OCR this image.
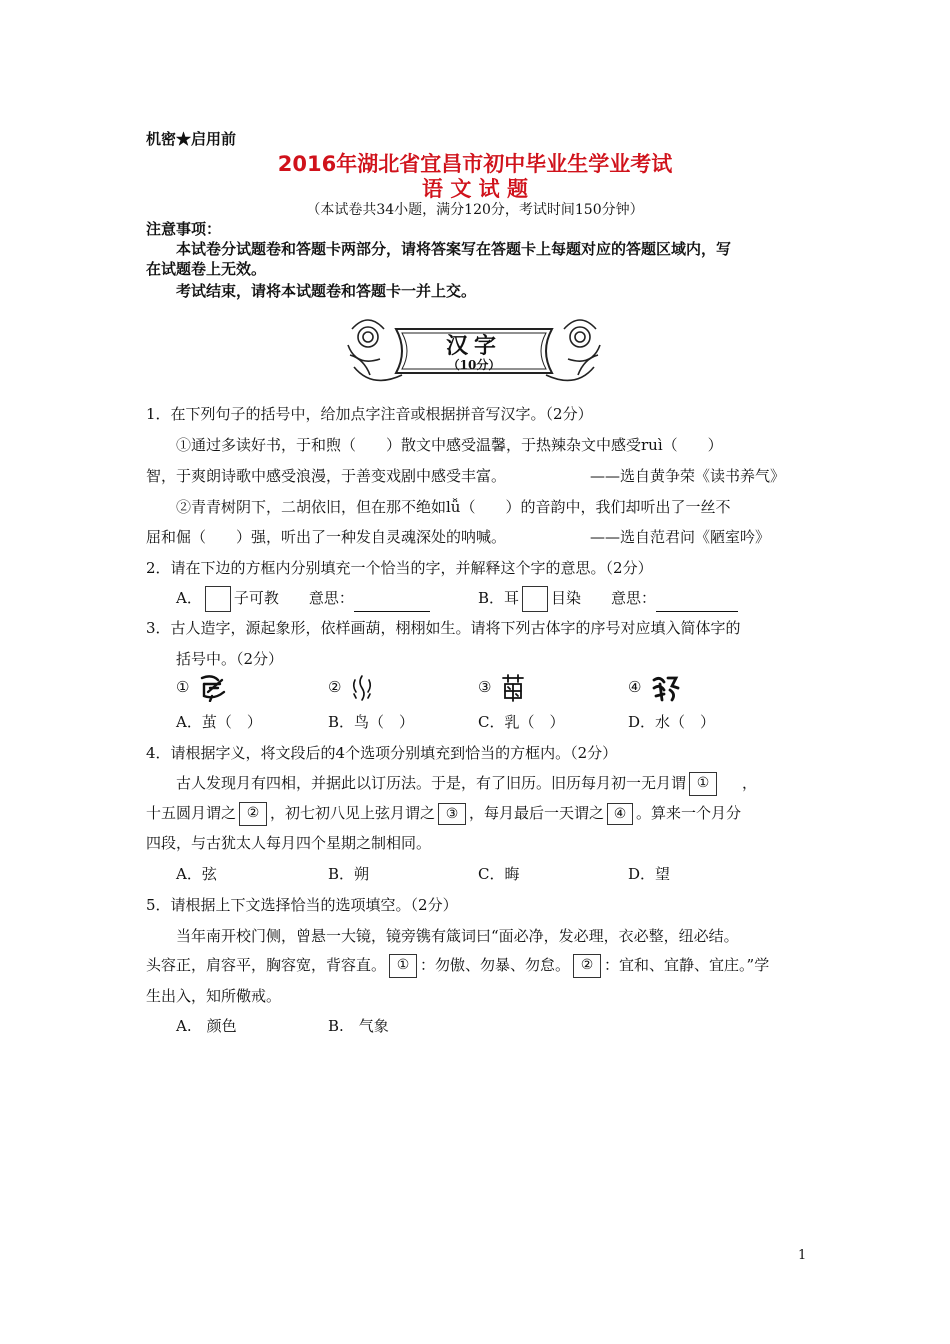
机密★启用前
2016年湖北省宜昌市初中毕业生学业考试
语 文 试 题
（本试卷共34小题，满分120分，考试时间150分钟）
注意事项：
本试卷分试题卷和答题卡两部分，请将答案写在答题卡上每题对应的答题区域内，写
在试题卷上无效。
考试结束，请将本试题卷和答题卡一并上交。
汉字
（10分）
1．在下列句子的括号中，给加点字注音或根据拼音写汉字。（2分）
①通过多读好书，于和煦（　　）散文中感受温馨，于热辣杂文中感受ruì（　　）
智，于爽朗诗歌中感受浪漫，于善变戏剧中感受丰富。	——选自黄争荣《读书养气》
②青青树阴下，二胡依旧，但在那不绝如lǚ（　　）的音韵中，我们却听出了一丝不
屈和倔（　　）强，听出了一种发自灵魂深处的呐喊。	——选自范君问《陋室吟》
2．请在下边的方框内分别填充一个恰当的字，并解释这个字的意思。（2分）
A． 子可教　　意思：	B．耳 目染　　意思：
3．古人造字，源起象形，依样画葫，栩栩如生。请将下列古体字的序号对应填入简体字的
括号中。（2分）
①	②	③	④
A．茧（　）	B．鸟（　）	C．乳（　）	D．水（　）
4．请根据字义，将文段后的4个选项分别填充到恰当的方框内。（2分）
古人发现月有四相，并据此以订历法。于是，有了旧历。旧历每月初一无月谓 ① ，
十五圆月谓之 ② ，初七初八见上弦月谓之 ③ ，每月最后一天谓之 ④ 。算来一个月分
四段，与古犹太人每月四个星期之制相同。
A．弦	B．朔	C．晦	D．望
5．请根据上下文选择恰当的选项填空。（2分）
当年南开校门侧，曾悬一大镜，镜旁镌有箴词曰“面必净，发必理，衣必整，纽必结。
头容正，肩容平，胸容宽，背容直。 ① ：勿傲、勿暴、勿怠。 ② ：宜和、宜静、宜庄。”学
生出入，知所儆戒。
A.　颜色	B.　气象
1
